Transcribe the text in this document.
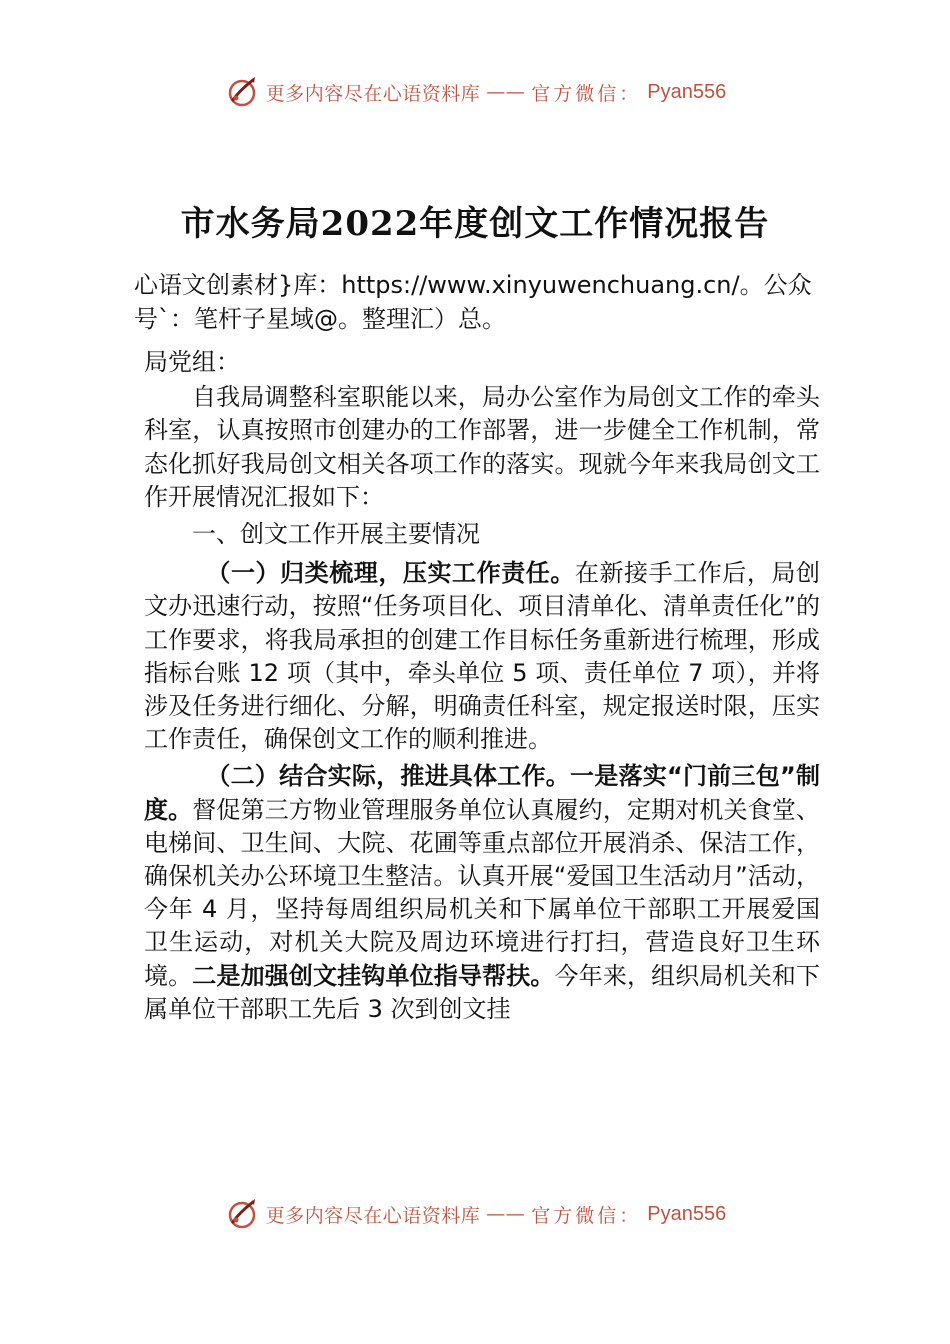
更多内容尽在心语资料库 —— 官方微信： Pyan556
市水务局2022年度创文工作情况报告
心语文创素材}库：https://www.xinyuwenchuang.cn/。公众号`：笔杆子星域@。整理汇）总。

局党组：

自我局调整科室职能以来，局办公室作为局创文工作的牵头科室，认真按照市创建办的工作部署，进一步健全工作机制，常态化抓好我局创文相关各项工作的落实。现就今年来我局创文工作开展情况汇报如下：

一、创文工作开展主要情况

（一）归类梳理，压实工作责任。在新接手工作后，局创文办迅速行动，按照“任务项目化、项目清单化、清单责任化”的工作要求，将我局承担的创建工作目标任务重新进行梳理，形成指标台账 12 项（其中，牵头单位 5 项、责任单位 7 项），并将涉及任务进行细化、分解，明确责任科室，规定报送时限，压实工作责任，确保创文工作的顺利推进。

（二）结合实际，推进具体工作。一是落实“门前三包”制度。督促第三方物业管理服务单位认真履约，定期对机关食堂、电梯间、卫生间、大院、花圃等重点部位开展消杀、保洁工作，确保机关办公环境卫生整洁。认真开展“爱国卫生活动月”活动，今年 4 月，坚持每周组织局机关和下属单位干部职工开展爱国卫生运动，对机关大院及周边环境进行打扫，营造良好卫生环境。二是加强创文挂钩单位指导帮扶。今年来，组织局机关和下属单位干部职工先后 3 次到创文挂

更多内容尽在心语资料库 —— 官方微信： Pyan556
